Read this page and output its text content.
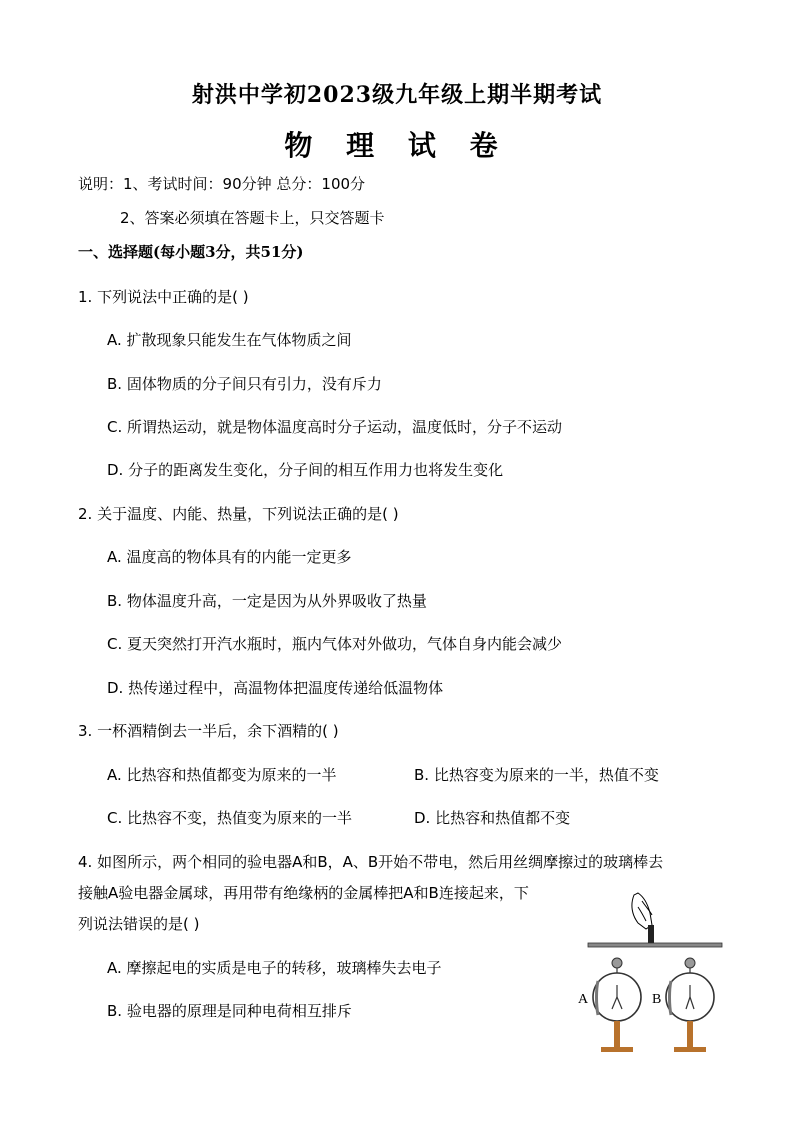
射洪中学初2023级九年级上期半期考试
物 理 试 卷
说明：1、考试时间：90分钟 总分：100分
2、答案必须填在答题卡上，只交答题卡
一、选择题(每小题3分，共51分)
1. 下列说法中正确的是( )
A. 扩散现象只能发生在气体物质之间
B. 固体物质的分子间只有引力，没有斥力
C. 所谓热运动，就是物体温度高时分子运动，温度低时，分子不运动
D. 分子的距离发生变化，分子间的相互作用力也将发生变化
2. 关于温度、内能、热量，下列说法正确的是( )
A. 温度高的物体具有的内能一定更多
B. 物体温度升高，一定是因为从外界吸收了热量
C. 夏天突然打开汽水瓶时，瓶内气体对外做功，气体自身内能会减少
D. 热传递过程中，高温物体把温度传递给低温物体
3. 一杯酒精倒去一半后，余下酒精的( )
A. 比热容和热值都变为原来的一半	B. 比热容变为原来的一半，热值不变
C. 比热容不变，热值变为原来的一半	D. 比热容和热值都不变
4. 如图所示，两个相同的验电器A和B，A、B开始不带电，然后用丝绸摩擦过的玻璃棒去
接触A验电器金属球，再用带有绝缘柄的金属棒把A和B连接起来，下
列说法错误的是( )
A. 摩擦起电的实质是电子的转移，玻璃棒失去电子
B. 验电器的原理是同种电荷相互排斥
A	B
